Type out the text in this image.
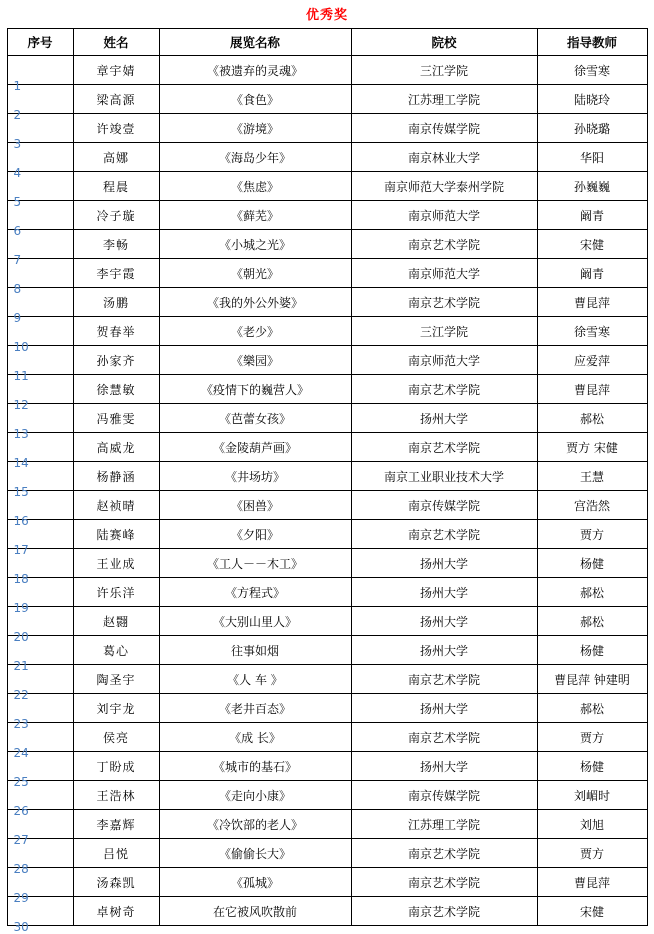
优秀奖
序号	姓名	展览名称	院校	指导教师

1	章宇婧	《被遗弃的灵魂》	三江学院	徐雪寒

2	梁高源	《食色》	江苏理工学院	陆晓玲

3	许竣壹	《游境》	南京传媒学院	孙晓璐

4	高娜	《海岛少年》	南京林业大学	华阳

5	程晨	《焦虑》	南京师范大学泰州学院	孙巍巍

6	冷子璇	《藓芜》	南京师范大学	阚青

7	李畅	《小城之光》	南京艺术学院	宋健

8	李宇霞	《朝光》	南京师范大学	阚青

9	汤鹏	《我的外公外婆》	南京艺术学院	曹昆萍

10	贺春举	《老少》	三江学院	徐雪寒

11	孙家齐	《樂园》	南京师范大学	应爱萍

12	徐慧敏	《疫情下的巍营人》	南京艺术学院	曹昆萍

13	冯雅雯	《芭蕾女孩》	扬州大学	郝松

14	高威龙	《金陵葫芦画》	南京艺术学院	贾方 宋健

15	杨静涵	《井场坊》	南京工业职业技术大学	王慧

16	赵祯晴	《困兽》	南京传媒学院	宫浩然

17	陆赛峰	《夕阳》	南京艺术学院	贾方

18	王业成	《工人－－木工》	扬州大学	杨健

19	许乐洋	《方程式》	扬州大学	郝松

20	赵翾	《大别山里人》	扬州大学	郝松

21	葛心	往事如烟	扬州大学	杨健

22	陶圣宇	《人 车 》	南京艺术学院	曹昆萍 钟建明

23	刘宇龙	《老井百态》	扬州大学	郝松

24	侯亮	《成 长》	南京艺术学院	贾方

25	丁盼成	《城市的基石》	扬州大学	杨健

26	王浩林	《走向小康》	南京传媒学院	刘嵋时

27	李嘉辉	《冷饮部的老人》	江苏理工学院	刘旭

28	吕悦	《偷偷长大》	南京艺术学院	贾方

29	汤森凯	《孤城》	南京艺术学院	曹昆萍

30	卓树奇	在它被风吹散前	南京艺术学院	宋健
